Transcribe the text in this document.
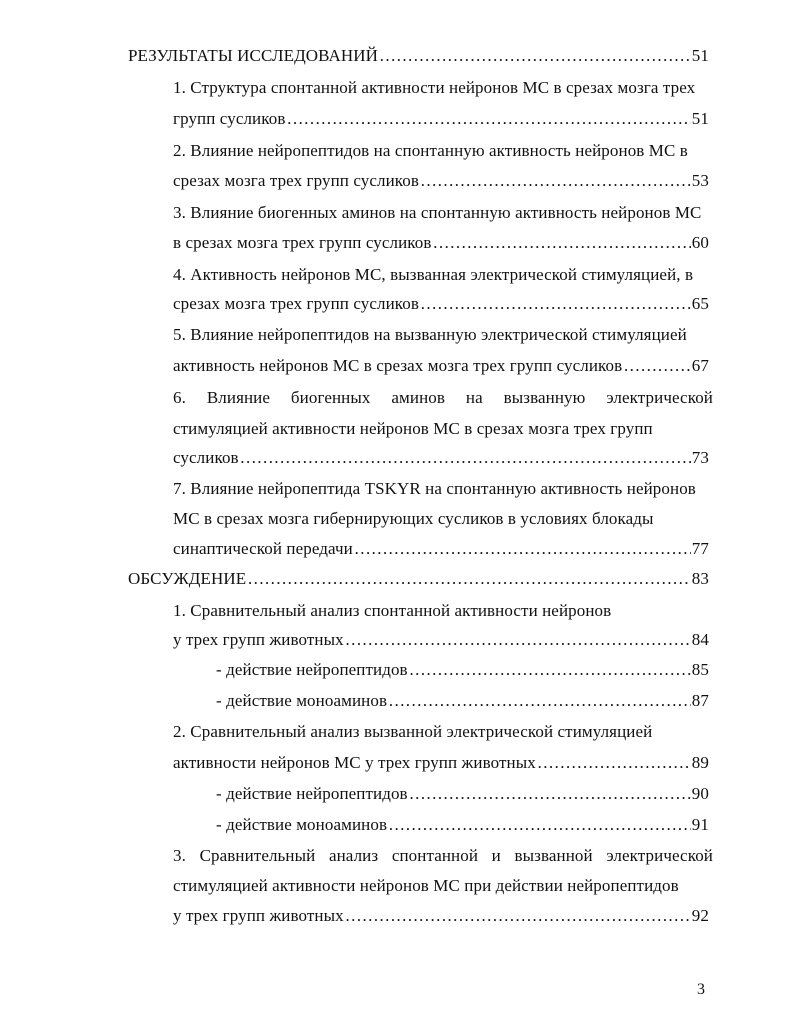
РЕЗУЛЬТАТЫ ИССЛЕДОВАНИЙ …………………………………………………………………………………………………………………………………………………………………	51
1. Структура спонтанной активности нейронов МС в срезах мозга трех
групп сусликов …………………………………………………………………………………………………………………………………………………………………	51
2. Влияние нейропептидов на спонтанную активность нейронов МС в
срезах мозга трех групп сусликов …………………………………………………………………………………………………………………………………………………………………	53
3. Влияние биогенных аминов на спонтанную активность нейронов МС
в срезах мозга трех групп сусликов …………………………………………………………………………………………………………………………………………………………………	60
4. Активность нейронов МС, вызванная электрической стимуляцией, в
срезах мозга трех групп сусликов …………………………………………………………………………………………………………………………………………………………………	65
5. Влияние нейропептидов на вызванную электрической стимуляцией
активность нейронов МС в срезах мозга трех групп сусликов …………………………………………………………………………………………………………………………………………………………………	67
6. Влияние биогенных аминов на вызванную электрической
стимуляцией активности нейронов МС в срезах мозга трех групп
сусликов …………………………………………………………………………………………………………………………………………………………………	73
7. Влияние нейропептида TSKYR на спонтанную активность нейронов
МС в срезах мозга гибернирующих сусликов в условиях блокады
синаптической передачи …………………………………………………………………………………………………………………………………………………………………	77
ОБСУЖДЕНИЕ …………………………………………………………………………………………………………………………………………………………………	83
1. Сравнительный анализ спонтанной активности нейронов
у трех групп животных …………………………………………………………………………………………………………………………………………………………………	84
- действие нейропептидов …………………………………………………………………………………………………………………………………………………………………	85
- действие моноаминов …………………………………………………………………………………………………………………………………………………………………	87
2. Сравнительный анализ вызванной электрической стимуляцией
активности нейронов МС у трех групп животных …………………………………………………………………………………………………………………………………………………………………	89
- действие нейропептидов …………………………………………………………………………………………………………………………………………………………………	90
- действие моноаминов …………………………………………………………………………………………………………………………………………………………………	91
3. Сравнительный анализ спонтанной и вызванной электрической
стимуляцией активности нейронов МС при действии нейропептидов
у трех групп животных …………………………………………………………………………………………………………………………………………………………………	92
3
